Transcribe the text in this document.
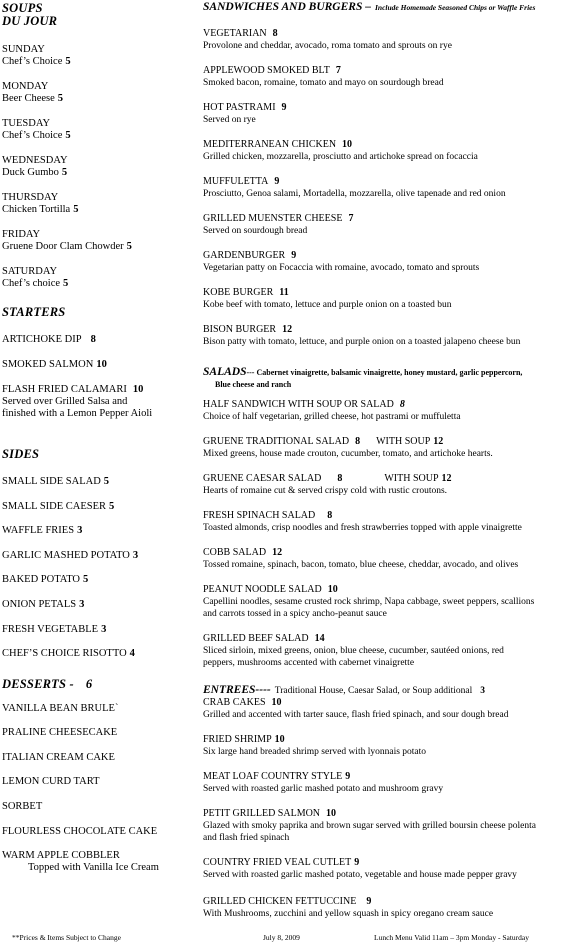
SOUPS
DU JOUR
SUNDAY
Chef’s Choice 5
MONDAY
Beer Cheese 5
TUESDAY
Chef’s Choice 5
WEDNESDAY
Duck Gumbo 5
THURSDAY
Chicken Tortilla 5
FRIDAY
Gruene Door Clam Chowder 5
SATURDAY
Chef’s choice 5
STARTERS
ARTICHOKE DIP 8
SMOKED SALMON 10
FLASH FRIED CALAMARI 10
Served over Grilled Salsa and
finished with a Lemon Pepper Aioli
SIDES
SMALL SIDE SALAD 5
SMALL SIDE CAESER 5
WAFFLE FRIES 3
GARLIC MASHED POTATO 3
BAKED POTATO 5
ONION PETALS 3
FRESH VEGETABLE 3
CHEF’S CHOICE RISOTTO 4
DESSERTS - 6
VANILLA BEAN BRULE`
PRALINE CHEESECAKE
ITALIAN CREAM CAKE
LEMON CURD TART
SORBET
FLOURLESS CHOCOLATE CAKE
WARM APPLE COBBLER
Topped with Vanilla Ice Cream
SANDWICHES AND BURGERS – Include Homemade Seasoned Chips or Waffle Fries
VEGETARIAN 8
Provolone and cheddar, avocado, roma tomato and sprouts on rye
APPLEWOOD SMOKED BLT 7
Smoked bacon, romaine, tomato and mayo on sourdough bread
HOT PASTRAMI 9
Served on rye
MEDITERRANEAN CHICKEN 10
Grilled chicken, mozzarella, prosciutto and artichoke spread on focaccia
MUFFULETTA 9
Prosciutto, Genoa salami, Mortadella, mozzarella, olive tapenade and red onion
GRILLED MUENSTER CHEESE 7
Served on sourdough bread
GARDENBURGER 9
Vegetarian patty on Focaccia with romaine, avocado, tomato and sprouts
KOBE BURGER 11
Kobe beef with tomato, lettuce and purple onion on a toasted bun
BISON BURGER 12
Bison patty with tomato, lettuce, and purple onion on a toasted jalapeno cheese bun
SALADS--- Cabernet vinaigrette, balsamic vinaigrette, honey mustard, garlic peppercorn,
Blue cheese and ranch
HALF SANDWICH WITH SOUP OR SALAD 8
Choice of half vegetarian, grilled cheese, hot pastrami or muffuletta
GRUENE TRADITIONAL SALAD 8 WITH SOUP 12
Mixed greens, house made crouton, cucumber, tomato, and artichoke hearts.
GRUENE CAESAR SALAD 8	WITH SOUP 12
Hearts of romaine cut & served crispy cold with rustic croutons.
FRESH SPINACH SALAD 8
Toasted almonds, crisp noodles and fresh strawberries topped with apple vinaigrette
COBB SALAD 12
Tossed romaine, spinach, bacon, tomato, blue cheese, cheddar, avocado, and olives
PEANUT NOODLE SALAD 10
Capellini noodles, sesame crusted rock shrimp, Napa cabbage, sweet peppers, scallions
and carrots tossed in a spicy ancho-peanut sauce
GRILLED BEEF SALAD 14
Sliced sirloin, mixed greens, onion, blue cheese, cucumber, sautéed onions, red
peppers, mushrooms accented with cabernet vinaigrette
ENTREES---- Traditional House, Caesar Salad, or Soup additional 3
CRAB CAKES 10
Grilled and accented with tarter sauce, flash fried spinach, and sour dough bread
FRIED SHRIMP 10
Six large hand breaded shrimp served with lyonnais potato
MEAT LOAF COUNTRY STYLE 9
Served with roasted garlic mashed potato and mushroom gravy
PETIT GRILLED SALMON 10
Glazed with smoky paprika and brown sugar served with grilled boursin cheese polenta
and flash fried spinach
COUNTRY FRIED VEAL CUTLET 9
Served with roasted garlic mashed potato, vegetable and house made pepper gravy
GRILLED CHICKEN FETTUCCINE 9
With Mushrooms, zucchini and yellow squash in spicy oregano cream sauce
**Prices & Items Subject to Change	July 8, 2009	Lunch Menu Valid 11am – 3pm Monday - Saturday
